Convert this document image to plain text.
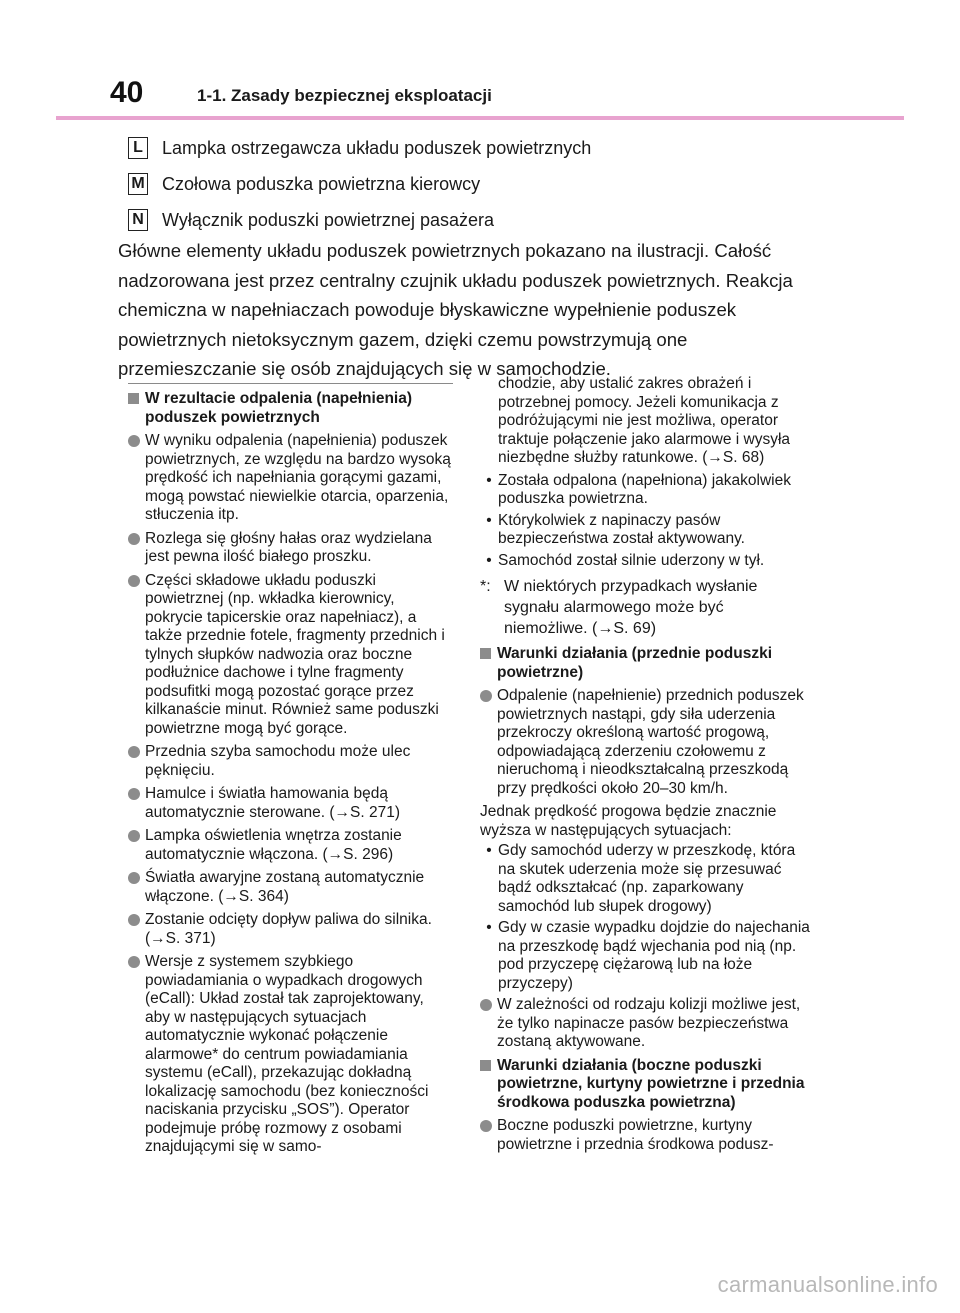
40	1-1. Zasady bezpiecznej eksploatacji
L Lampka ostrzegawcza układu poduszek powietrznych
M Czołowa poduszka powietrzna kierowcy
N Wyłącznik poduszki powietrznej pasażera
Główne elementy układu poduszek powietrznych pokazano na ilustracji. Całość nadzorowana jest przez centralny czujnik układu poduszek powietrznych. Reakcja chemiczna w napełniaczach powoduje błyskawiczne wypełnienie poduszek powietrznych nietoksycznym gazem, dzięki czemu powstrzymują one przemieszczanie się osób znajdujących się w samochodzie.
W rezultacie odpalenia (napełnienia) poduszek powietrznych
W wyniku odpalenia (napełnienia) poduszek powietrznych, ze względu na bardzo wysoką prędkość ich napełniania gorącymi gazami, mogą powstać niewielkie otarcia, oparzenia, stłuczenia itp.
Rozlega się głośny hałas oraz wydzielana jest pewna ilość białego proszku.
Części składowe układu poduszki powietrznej (np. wkładka kierownicy, pokrycie tapicerskie oraz napełniacz), a także przednie fotele, fragmenty przednich i tylnych słupków nadwozia oraz boczne podłużnice dachowe i tylne fragmenty podsufitki mogą pozostać gorące przez kilkanaście minut. Również same poduszki powietrzne mogą być gorące.
Przednia szyba samochodu może ulec pęknięciu.
Hamulce i światła hamowania będą automatycznie sterowane. (→S. 271)
Lampka oświetlenia wnętrza zostanie automatycznie włączona. (→S. 296)
Światła awaryjne zostaną automatycznie włączone. (→S. 364)
Zostanie odcięty dopływ paliwa do silnika. (→S. 371)
Wersje z systemem szybkiego powiadamiania o wypadkach drogowych (eCall): Układ został tak zaprojektowany, aby w następujących sytuacjach automatycznie wykonać połączenie alarmowe* do centrum powiadamiania systemu (eCall), przekazując dokładną lokalizację samochodu (bez konieczności naciskania przycisku „SOS”). Operator podejmuje próbę rozmowy z osobami znajdującymi się w samo-
chodzie, aby ustalić zakres obrażeń i potrzebnej pomocy. Jeżeli komunikacja z podróżującymi nie jest możliwa, operator traktuje połączenie jako alarmowe i wysyła niezbędne służby ratunkowe. (→S. 68)
• Została odpalona (napełniona) jakakolwiek poduszka powietrzna.
• Którykolwiek z napinaczy pasów bezpieczeństwa został aktywowany.
• Samochód został silnie uderzony w tył.
*: W niektórych przypadkach wysłanie sygnału alarmowego może być niemożliwe. (→S. 69)
Warunki działania (przednie poduszki powietrzne)
Odpalenie (napełnienie) przednich poduszek powietrznych nastąpi, gdy siła uderzenia przekroczy określoną wartość progową, odpowiadającą zderzeniu czołowemu z nieruchomą i nieodkształcalną przeszkodą przy prędkości około 20–30 km/h.
Jednak prędkość progowa będzie znacznie wyższa w następujących sytuacjach:
• Gdy samochód uderzy w przeszkodę, która na skutek uderzenia może się przesuwać bądź odkształcać (np. zaparkowany samochód lub słupek drogowy)
• Gdy w czasie wypadku dojdzie do najechania na przeszkodę bądź wjechania pod nią (np. pod przyczepę ciężarową lub na łoże przyczepy)
W zależności od rodzaju kolizji możliwe jest, że tylko napinacze pasów bezpieczeństwa zostaną aktywowane.
Warunki działania (boczne poduszki powietrzne, kurtyny powietrzne i przednia środkowa poduszka powietrzna)
Boczne poduszki powietrzne, kurtyny powietrzne i przednia środkowa podusz-
carmanualsonline.info
